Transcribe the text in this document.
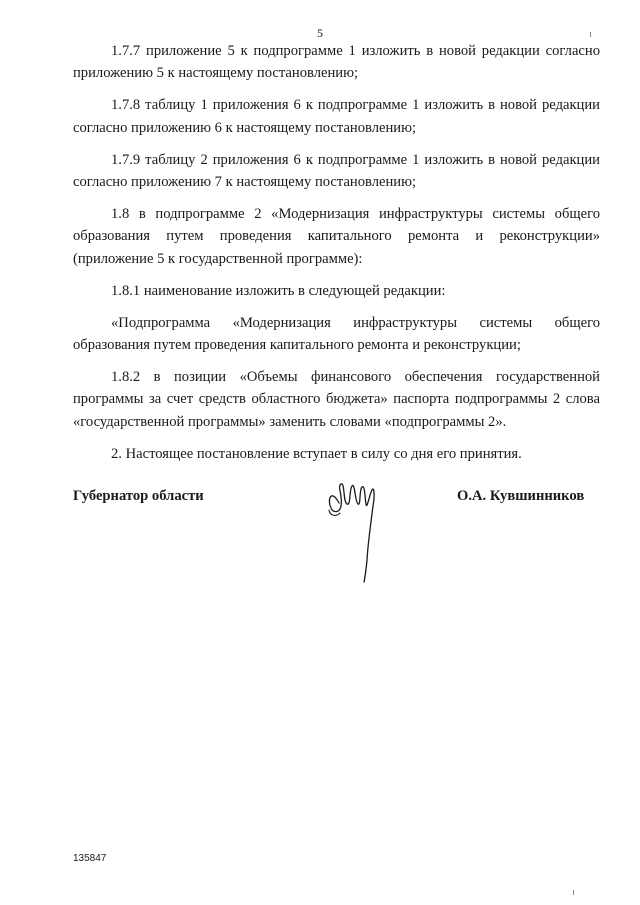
5

1.7.7 приложение 5 к подпрограмме 1 изложить в новой редакции согласно приложению 5 к настоящему постановлению;

1.7.8 таблицу 1 приложения 6 к подпрограмме 1 изложить в новой редакции согласно приложению 6 к настоящему постановлению;

1.7.9 таблицу 2 приложения 6 к подпрограмме 1 изложить в новой редакции согласно приложению 7 к настоящему постановлению;

1.8 в подпрограмме 2 «Модернизация инфраструктуры системы общего образования путем проведения капитального ремонта и реконструкции» (приложение 5 к государственной программе):

1.8.1 наименование изложить в следующей редакции:

«Подпрограмма «Модернизация инфраструктуры системы общего образования путем проведения капитального ремонта и реконструкции;

1.8.2 в позиции «Объемы финансового обеспечения государственной программы за счет средств областного бюджета» паспорта подпрограммы 2 слова «государственной программы» заменить словами «подпрограммы 2».

2. Настоящее постановление вступает в силу со дня его принятия.

Губернатор области	О.А. Кувшинников
135847
